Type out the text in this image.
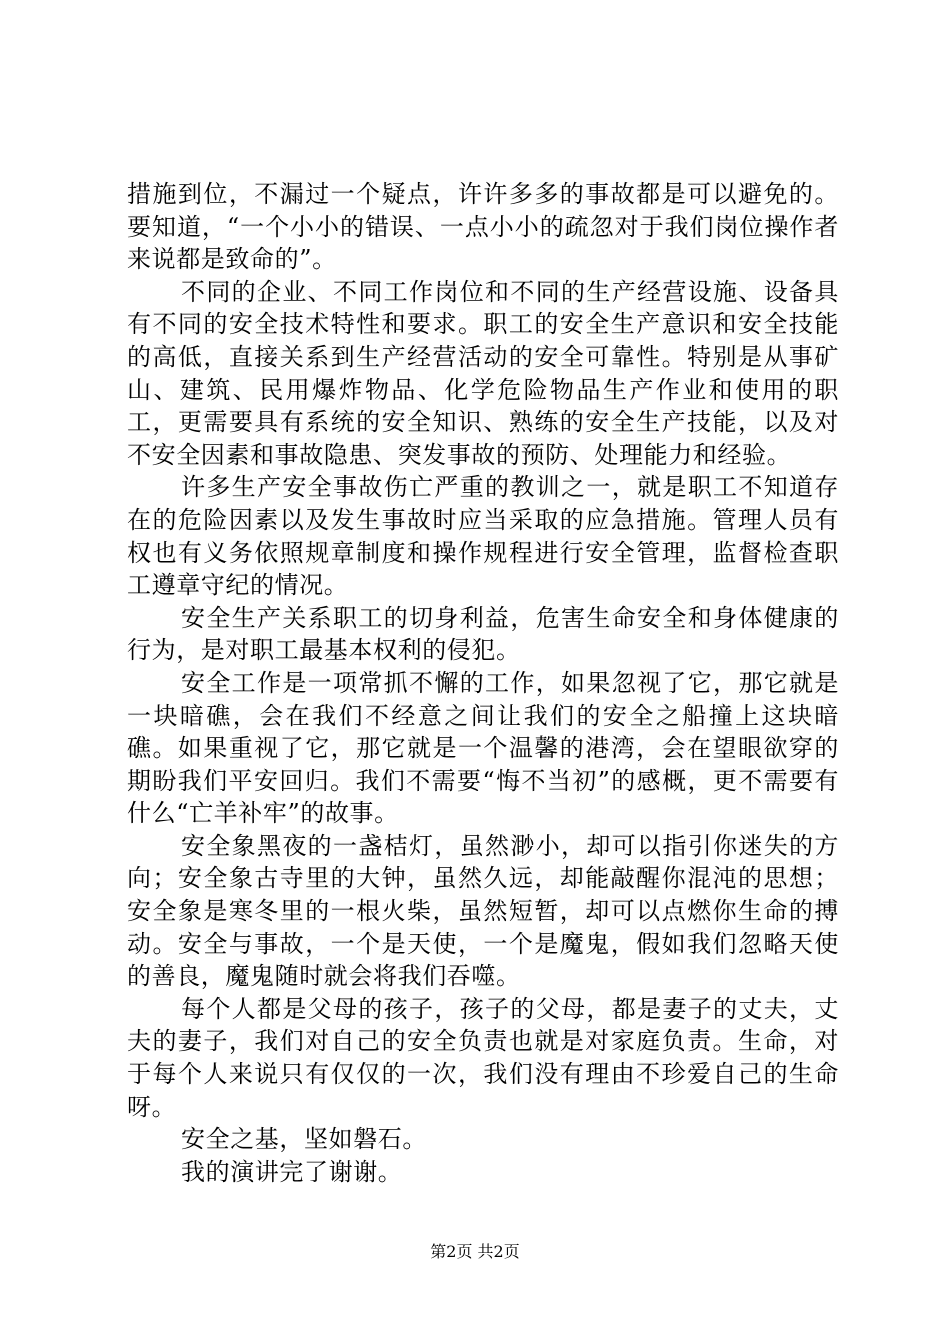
措施到位，不漏过一个疑点，许许多多的事故都是可以避免的。要知道，“一个小小的错误、一点小小的疏忽对于我们岗位操作者来说都是致命的”。

不同的企业、不同工作岗位和不同的生产经营设施、设备具有不同的安全技术特性和要求。职工的安全生产意识和安全技能的高低，直接关系到生产经营活动的安全可靠性。特别是从事矿山、建筑、民用爆炸物品、化学危险物品生产作业和使用的职工，更需要具有系统的安全知识、熟练的安全生产技能，以及对不安全因素和事故隐患、突发事故的预防、处理能力和经验。

许多生产安全事故伤亡严重的教训之一，就是职工不知道存在的危险因素以及发生事故时应当采取的应急措施。管理人员有权也有义务依照规章制度和操作规程进行安全管理，监督检查职工遵章守纪的情况。

安全生产关系职工的切身利益，危害生命安全和身体健康的行为，是对职工最基本权利的侵犯。

安全工作是一项常抓不懈的工作，如果忽视了它，那它就是一块暗礁，会在我们不经意之间让我们的安全之船撞上这块暗礁。如果重视了它，那它就是一个温馨的港湾，会在望眼欲穿的期盼我们平安回归。我们不需要“悔不当初”的感概，更不需要有什么“亡羊补牢”的故事。

安全象黑夜的一盏桔灯，虽然渺小，却可以指引你迷失的方向；安全象古寺里的大钟，虽然久远，却能敲醒你混沌的思想；安全象是寒冬里的一根火柴，虽然短暂，却可以点燃你生命的搏动。安全与事故，一个是天使，一个是魔鬼，假如我们忽略天使的善良，魔鬼随时就会将我们吞噬。

每个人都是父母的孩子，孩子的父母，都是妻子的丈夫，丈夫的妻子，我们对自己的安全负责也就是对家庭负责。生命，对于每个人来说只有仅仅的一次，我们没有理由不珍爱自己的生命呀。

安全之基，坚如磐石。

我的演讲完了谢谢。

第2页 共2页
